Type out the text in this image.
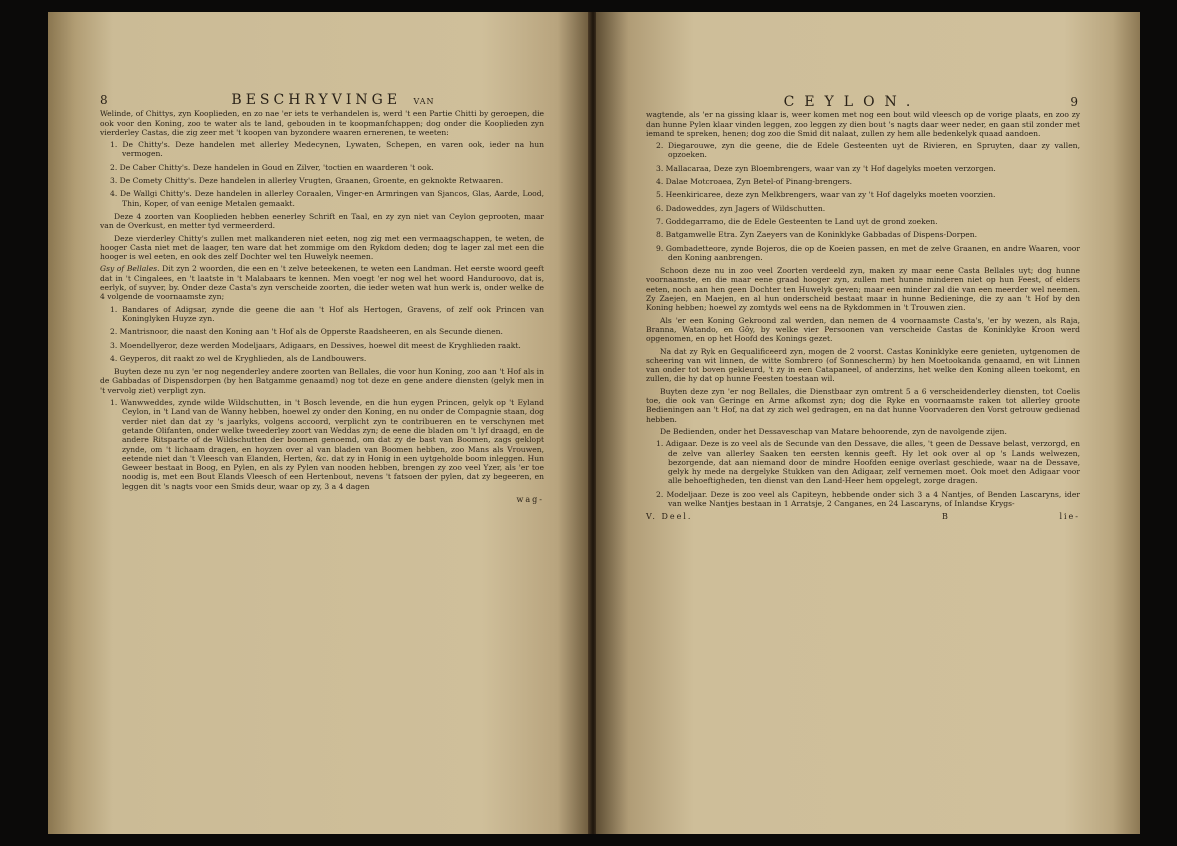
8	BESCHRYVINGE VAN

Welinde, of Chittys, zyn Kooplieden, en zo nae 'er iets te verhandelen is, werd 't een Partie Chitti by geroepen, die ook voor den Koning, zoo te water als te land, gebouden in te koopmanfchappen; dog onder die Kooplieden zyn vierderley Castas, die zig zeer met 't koopen van byzondere waaren ernerenen, te weeten:

1. De Chitty's. Deze handelen met allerley Medecynen, Lywaten, Schepen, en varen ook, ieder na hun vermogen.

2. De Caber Chitty's. Deze handelen in Goud en Zilver, 'toctien en waarderen 't ook.

3. De Comety Chitty's. Deze handelen in allerley Vrugten, Graanen, Groente, en geknokte Retwaaren.

4. De Wallgi Chitty's. Deze handelen in allerley Coraalen, Vinger-en Armringen van Sjancos, Glas, Aarde, Lood, Thin, Koper, of van eenige Metalen gemaakt.

Deze 4 zoorten van Kooplieden hebben eenerley Schrift en Taal, en zy zyn niet van Ceylon geprooten, maar van de Overkust, en metter tyd vermeerderd.

Deze vierderley Chitty's zullen met malkanderen niet eeten, nog zig met een vermaagschappen, te weten, de hooger Casta niet met de laager, ten ware dat het zommige om den Rykdom deden; dog te lager zal met een die hooger is wel eeten, en ook des zelf Dochter wel ten Huwelyk neemen.

Gsy of Bellales. Dit zyn 2 woorden, die een en 't zelve beteekenen, te weten een Landman. Het eerste woord geeft dat in 't Cingalees, en 't laatste in 't Malabaars te kennen. Men voegt 'er nog wel het woord Handuroovo, dat is, eerlyk, of suyver, by. Onder deze Casta's zyn verscheide zoorten, die ieder weten wat hun werk is, onder welke de 4 volgende de voornaamste zyn;

1. Bandares of Adigsar, zynde die geene die aan 't Hof als Hertogen, Gravens, of zelf ook Princen van Koninglyken Huyze zyn.

2. Mantrisnoor, die naast den Koning aan 't Hof als de Opperste Raadsheeren, en als Secunde dienen.

3. Moendellyeror, deze werden Modeljaars, Adigaars, en Dessives, hoewel dit meest de Kryghlieden raakt.

4. Geyperos, dit raakt zo wel de Kryghlieden, als de Landbouwers.

Buyten deze nu zyn 'er nog negenderley andere zoorten van Bellales, die voor hun Koning, zoo aan 't Hof als in de Gabbadas of Dispensdorpen (by hen Batgamme genaamd) nog tot deze en gene andere diensten (gelyk men in 't vervolg ziet) verpligt zyn.

1. Wanwweddes, zynde wilde Wildschutten, in 't Bosch levende, en die hun eygen Princen, gelyk op 't Eyland Ceylon, in 't Land van de Wanny hebben, hoewel zy onder den Koning, en nu onder de Compagnie staan, dog verder niet dan dat zy 's jaarlyks, volgens accoord, verplicht zyn te contribueren en te verschynen met getande Olifanten, onder welke tweederley zoort van Weddas zyn; de eene die bladen om 't lyf draagd, en de andere Ritsparte of de Wildschutten der boomen genoemd, om dat zy de bast van Boomen, zags geklopt zynde, om 't lichaam dragen, en hoyzen over al van bladen van Boomen hebben, zoo Mans als Vrouwen, eetende niet dan 't Vleesch van Elanden, Herten, &c. dat zy in Honig in een uytgeholde boom inleggen. Hun Geweer bestaat in Boog, en Pylen, en als zy Pylen van nooden hebben, brengen zy zoo veel Yzer, als 'er toe noodig is, met een Bout Elands Vleesch of een Hertenbout, nevens 't fatsoen der pylen, dat zy begeeren, en leggen dit 's nagts voor een Smids deur, waar op zy, 3 a 4 dagen

wag-
CEYLON.	9

wagtende, als 'er na gissing klaar is, weer komen met nog een bout wild vleesch op de vorige plaats, en zoo zy dan hunne Pylen klaar vinden leggen, zoo leggen zy dien bout 's nagts daar weer neder, en gaan stil zonder met iemand te spreken, henen; dog zoo die Smid dit nalaat, zullen zy hem alle bedenkelyk quaad aandoen.

2. Diegarouwe, zyn die geene, die de Edele Gesteenten uyt de Rivieren, en Spruyten, daar zy vallen, opzoeken.

3. Mallacaraa, Deze zyn Bloembrengers, waar van zy 't Hof dagelyks moeten verzorgen.

4. Dalae Motcroaea, Zyn Betel-of Pinang-brengers.

5. Heenkiricaree, deze zyn Melkbrengers, waar van zy 't Hof dagelyks moeten voorzien.

6. Dadoweddes, zyn Jagers of Wildschutten.

7. Goddegarramo, die de Edele Gesteenten te Land uyt de grond zoeken.

8. Batgamwelle Etra. Zyn Zaeyers van de Koninklyke Gabbadas of Dispens-Dorpen.

9. Gombadetteore, zynde Bojeros, die op de Koeien passen, en met de zelve Graanen, en andre Waaren, voor den Koning aanbrengen.

Schoon deze nu in zoo veel Zoorten verdeeld zyn, maken zy maar eene Casta Bellales uyt; dog hunne voornaamste, en die maar eene graad hooger zyn, zullen met hunne minderen niet op hun Feest, of elders eeten, noch aan hen geen Dochter ten Huwelyk geven; maar een minder zal die van een meerder wel neemen. Zy Zaejen, en Maejen, en al hun onderscheid bestaat maar in hunne Bedieninge, die zy aan 't Hof by den Koning hebben; hoewel zy zomtyds wel eens na de Rykdommen in 't Trouwen zien.

Als 'er een Koning Gekroond zal werden, dan nemen de 4 voornaamste Casta's, 'er by wezen, als Raja, Branna, Watando, en Gôy, by welke vier Persoonen van verscheide Castas de Koninklyke Kroon werd opgenomen, en op het Hoofd des Konings gezet.

Na dat zy Ryk en Gequalificeerd zyn, mogen de 2 voorst. Castas Koninklyke eere genieten, uytgenomen de scheering van wit linnen, de witte Sombrero (of Sonnescherm) by hen Moetookanda genaamd, en wit Linnen van onder tot boven gekleurd, 't zy in een Catapaneel, of anderzins, het welke den Koning alleen toekomt, en zullen, die hy dat op hunne Feesten toestaan wil.

Buyten deze zyn 'er nog Bellales, die Dienstbaar zyn omtrent 5 a 6 verscheidenderley diensten, tot Coelis toe, die ook van Geringe en Arme afkomst zyn; dog die Ryke en voornaamste raken tot allerley groote Bedieningen aan 't Hof, na dat zy zich wel gedragen, en na dat hunne Voorvaderen den Vorst getrouw gedienad hebben.

De Bedienden, onder het Dessaveschap van Matare behoorende, zyn de navolgende zijen.

1. Adigaar. Deze is zo veel als de Secunde van den Dessave, die alles, 't geen de Dessave belast, verzorgd, en de zelve van allerley Saaken ten eersten kennis geeft. Hy let ook over al op 's Lands welwezen, bezorgende, dat aan niemand door de mindre Hoofden eenige overlast geschiede, waar na de Dessave, gelyk hy mede na dergelyke Stukken van den Adigaar, zelf vernemen moet. Ook moet den Adigaar voor alle behoeftigheden, ten dienst van den Land-Heer hem opgelegt, zorge dragen.

2. Modeljaar. Deze is zoo veel als Capiteyn, hebbende onder sich 3 a 4 Nantjes, of Benden Lascaryns, ider van welke Nantjes bestaan in 1 Arratsje, 2 Canganes, en 24 Lascaryns, of Inlandse Krygs-

V. Deel.	B	lie-
